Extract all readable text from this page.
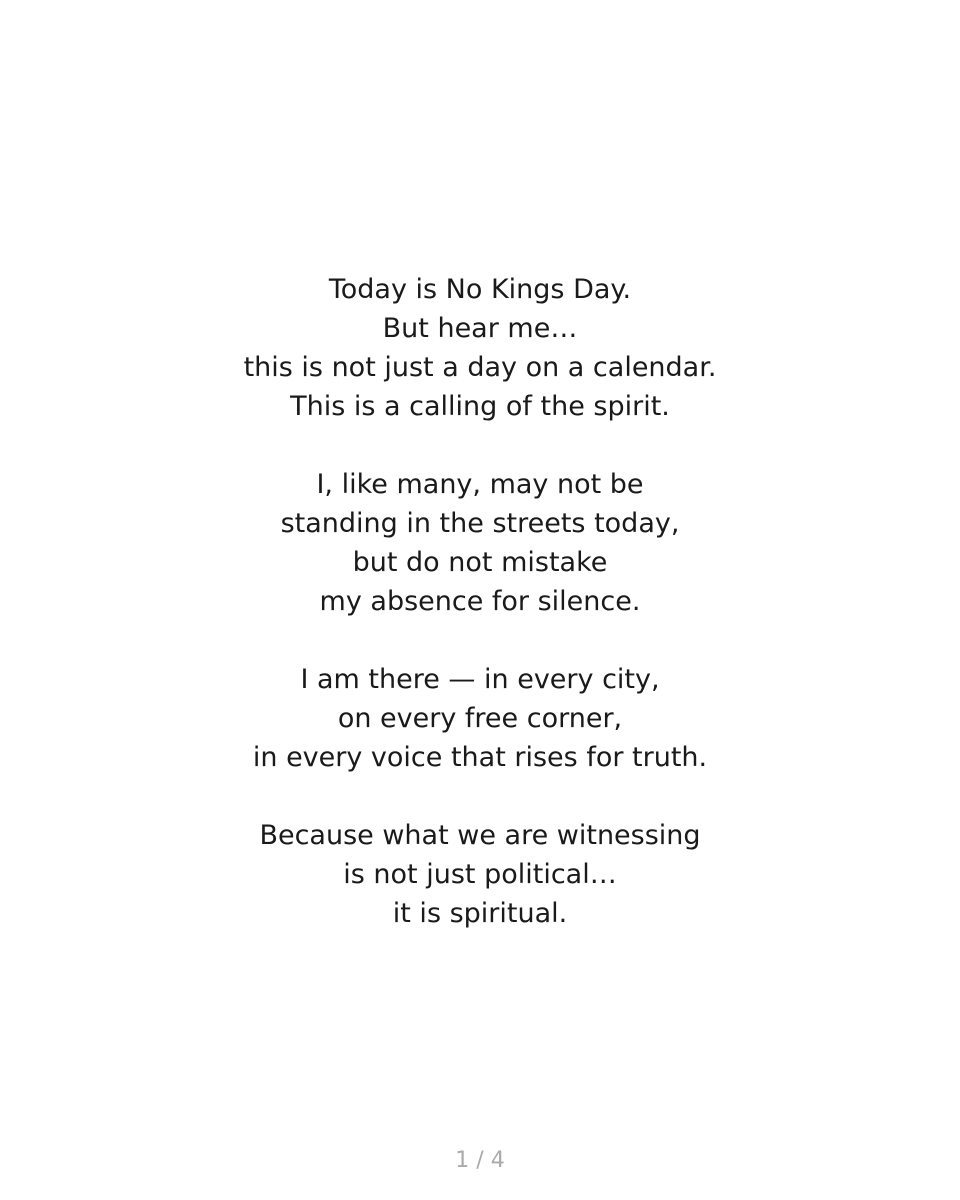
Today is No Kings Day.
But hear me…
this is not just a day on a calendar.
This is a calling of the spirit.
I, like many, may not be
standing in the streets today,
but do not mistake
my absence for silence.
I am there — in every city,
on every free corner,
in every voice that rises for truth.
Because what we are witnessing
is not just political…
it is spiritual.
1 / 4
